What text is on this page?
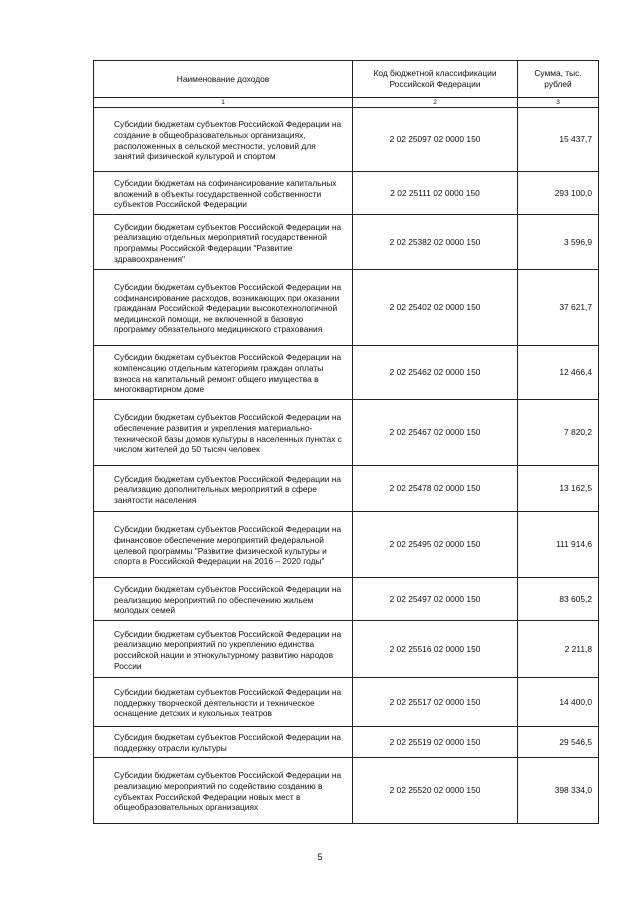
Наименование доходов	Код бюджетной классификации Российской Федерации	Сумма, тыс. рублей
1	2	3
Субсидии бюджетам субъектов Российской Федерации на создание в общеобразовательных организациях, расположенных в сельской местности, условий для занятий физической культурой и спортом	2 02 25097 02 0000 150	15 437,7
Субсидии бюджетам на софинансирование капитальных вложений в объекты государственной собственности субъектов Российской Федерации	2 02 25111 02 0000 150	293 100,0
Субсидии бюджетам субъектов Российской Федерации на реализацию отдельных мероприятий государственной программы Российской Федерации "Развитие здравоохранения"	2 02 25382 02 0000 150	3 596,9
Субсидии бюджетам субъектов Российской Федерации на софинансирование расходов, возникающих при оказании гражданам Российской Федерации высокотехнологичной медицинской помощи, не включенной в базовую программу обязательного медицинского страхования	2 02 25402 02 0000 150	37 621,7
Субсидии бюджетам субъектов Российской Федерации на компенсацию отдельным категориям граждан оплаты взноса на капитальный ремонт общего имущества в многоквартирном доме	2 02 25462 02 0000 150	12 466,4
Субсидии бюджетам субъектов Российской Федерации на обеспечение развития и укрепления материально-технической базы домов культуры в населенных пунктах с числом жителей до 50 тысяч человек	2 02 25467 02 0000 150	7 820,2
Субсидия бюджетам субъектов Российской Федерации на реализацию дополнительных мероприятий в сфере занятости населения	2 02 25478 02 0000 150	13 162,5
Субсидии бюджетам субъектов Российской Федерации на финансовое обеспечение мероприятий федеральной целевой программы "Развитие физической культуры и спорта в Российской Федерации на 2016 – 2020 годы"	2 02 25495 02 0000 150	111 914,6
Субсидии бюджетам субъектов Российской Федерации на реализацию мероприятий по обеспечению жильем молодых семей	2 02 25497 02 0000 150	83 605,2
Субсидии бюджетам субъектов Российской Федерации на реализацию мероприятий по укреплению единства российской нации и этнокультурному развитию народов России	2 02 25516 02 0000 150	2 211,8
Субсидии бюджетам субъектов Российской Федерации на поддержку творческой деятельности и техническое оснащение детских и кукольных театров	2 02 25517 02 0000 150	14 400,0
Субсидия бюджетам субъектов Российской Федерации на поддержку отрасли культуры	2 02 25519 02 0000 150	29 546,5
Субсидии бюджетам субъектов Российской Федерации на реализацию мероприятий по содействию созданию в субъектах Российской Федерации новых мест в общеобразовательных организациях	2 02 25520 02 0000 150	398 334,0
5
